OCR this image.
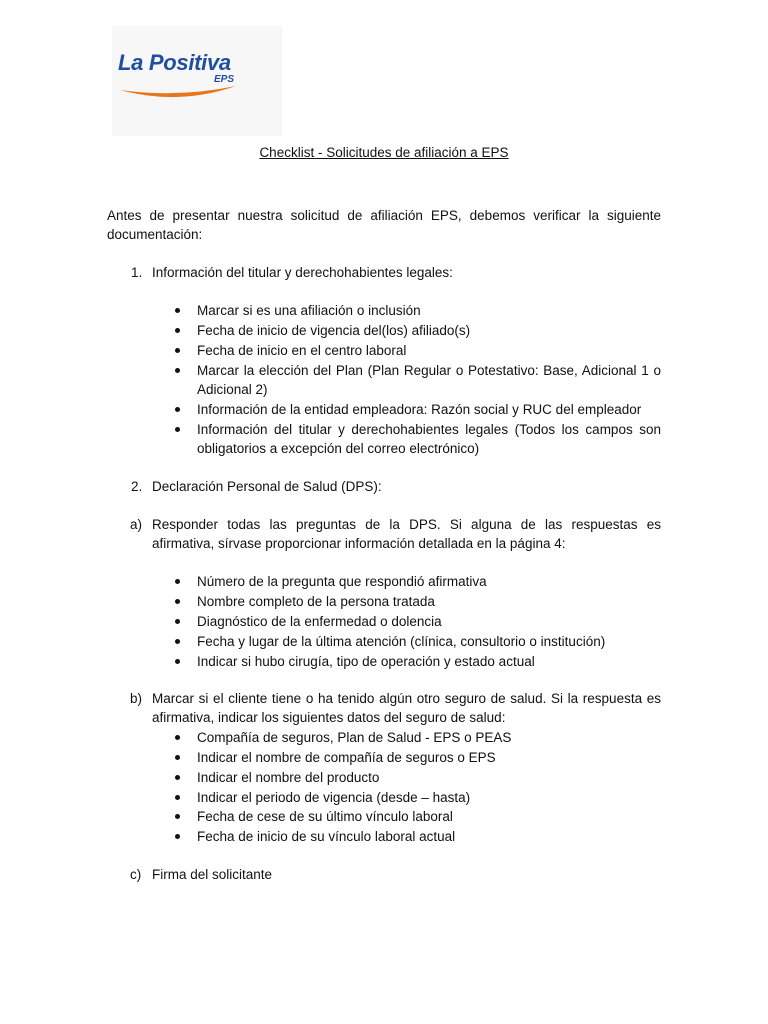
La Positiva
EPS
Checklist - Solicitudes de afiliación a EPS
Antes de presentar nuestra solicitud de afiliación EPS, debemos verificar la siguiente documentación:
1. Información del titular y derechohabientes legales:
Marcar si es una afiliación o inclusión
Fecha de inicio de vigencia del(los) afiliado(s)
Fecha de inicio en el centro laboral
Marcar la elección del Plan (Plan Regular o Potestativo: Base, Adicional 1 o Adicional 2)
Información de la entidad empleadora: Razón social y RUC del empleador
Información del titular y derechohabientes legales (Todos los campos son obligatorios a excepción del correo electrónico)
2. Declaración Personal de Salud (DPS):
a) Responder todas las preguntas de la DPS. Si alguna de las respuestas es afirmativa, sírvase proporcionar información detallada en la página 4:
Número de la pregunta que respondió afirmativa
Nombre completo de la persona tratada
Diagnóstico de la enfermedad o dolencia
Fecha y lugar de la última atención (clínica, consultorio o institución)
Indicar si hubo cirugía, tipo de operación y estado actual
b) Marcar si el cliente tiene o ha tenido algún otro seguro de salud. Si la respuesta es afirmativa, indicar los siguientes datos del seguro de salud:
Compañía de seguros, Plan de Salud - EPS o PEAS
Indicar el nombre de compañía de seguros o EPS
Indicar el nombre del producto
Indicar el periodo de vigencia (desde – hasta)
Fecha de cese de su último vínculo laboral
Fecha de inicio de su vínculo laboral actual
c) Firma del solicitante
